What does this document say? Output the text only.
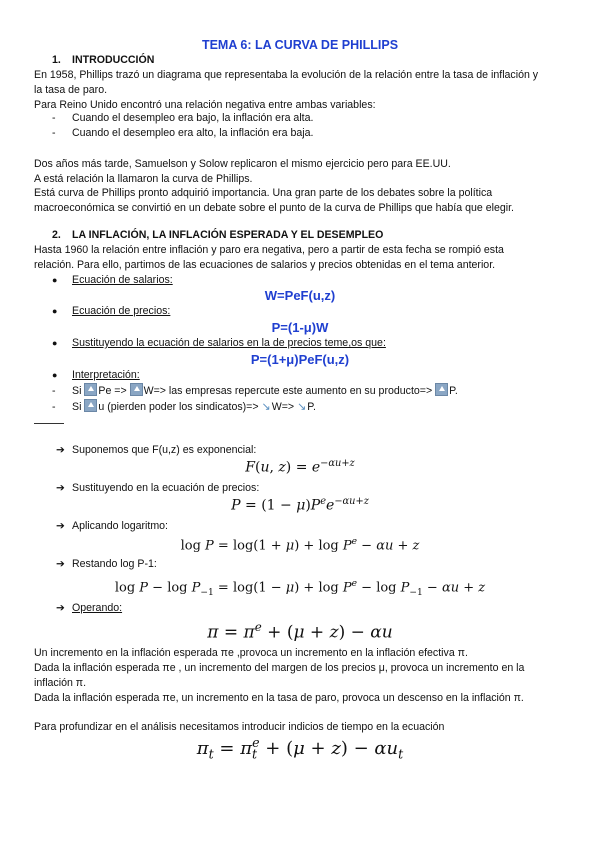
TEMA 6: LA CURVA DE PHILLIPS
1. INTRODUCCIÓN
En 1958, Phillips trazó un diagrama que representaba la evolución de la relación entre la tasa de inflación y
la tasa de paro.
Para Reino Unido encontró una relación negativa entre ambas variables:
- Cuando el desempleo era bajo, la inflación era alta.
- Cuando el desempleo era alto, la inflación era baja.
Dos años más tarde, Samuelson y Solow replicaron el mismo ejercicio pero para EE.UU.
A está relación la llamaron la curva de Phillips.
Está curva de Phillips pronto adquirió importancia. Una gran parte de los debates sobre la política
macroeconómica se convirtió en un debate sobre el punto de la curva de Phillips que había que elegir.
2. LA INFLACIÓN, LA INFLACIÓN ESPERADA Y EL DESEMPLEO
Hasta 1960 la relación entre inflación y paro era negativa, pero a partir de esta fecha se rompió esta
relación. Para ello, partimos de las ecuaciones de salarios y precios obtenidas en el tema anterior.
● Ecuación de salarios:
W=PeF(u,z)
● Ecuación de precios:
P=(1-μ)W
● Sustituyendo la ecuación de salarios en la de precios teme,os que:
P=(1+μ)PeF(u,z)
● Interpretación:
- Si Pe => W=> las empresas repercute este aumento en su producto=> P.
- Si u (pierden poder los sindicatos)=> ↘W=> ↘P.
➔ Suponemos que F(u,z) es exponencial:
F(u, $z) = e^{-\alpha u+z}$
➔ Sustituyendo en la ecuación de precios:
$P = (1 - \mu)P^ee^{-\alpha u+z}$
➔ Aplicando logaritmo:
$\log P = \log(1 + \mu) + \log P^e - \alpha u + z$
➔ Restando log P-1:
$\log P - \log P_{-1} = \log(1 - \mu) + \log P^e - \log P_{-1} - \alpha u + z$
➔ Operando:
$\pi = \pi^e + (\mu + z) - \alpha u$
Un incremento en la inflación esperada πe ,provoca un incremento en la inflación efectiva π.
Dada la inflación esperada πe , un incremento del margen de los precios μ, provoca un incremento en la
inflación π.
Dada la inflación esperada πe, un incremento en la tasa de paro, provoca un descenso en la inflación π.
Para profundizar en el análisis necesitamos introducir indicios de tiempo en la ecuación
$\pi_t = \pi_t^e + (\mu + z) - \alpha u_t$
